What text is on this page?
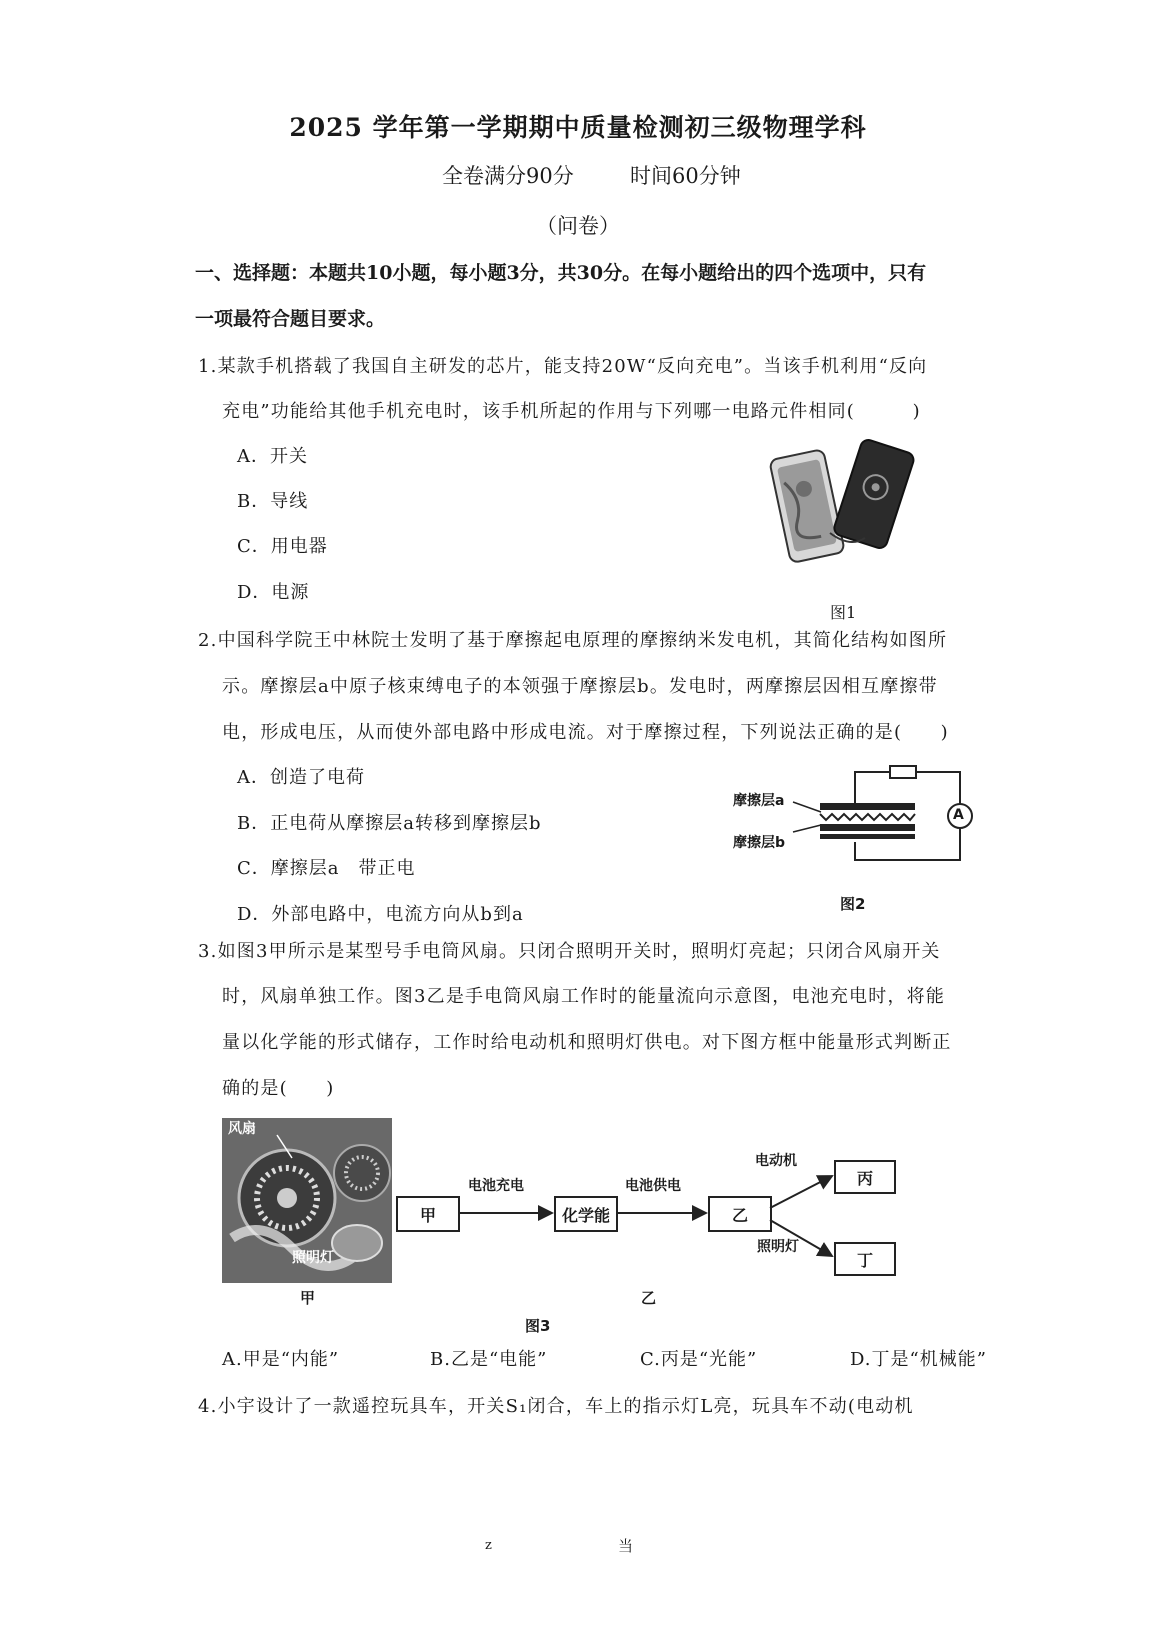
2025 学年第一学期期中质量检测初三级物理学科
全卷满分90分	时间60分钟
（问卷）
一、选择题：本题共10小题，每小题3分，共30分。在每小题给出的四个选项中，只有
一项最符合题目要求。
1.某款手机搭载了我国自主研发的芯片，能支持20W“反向充电”。当该手机利用“反向
充电”功能给其他手机充电时，该手机所起的作用与下列哪一电路元件相同(　　　)
A．开关
B．导线
C．用电器
D．电源
图1
2.中国科学院王中林院士发明了基于摩擦起电原理的摩擦纳米发电机，其简化结构如图所
示。摩擦层a中原子核束缚电子的本领强于摩擦层b。发电时，两摩擦层因相互摩擦带
电，形成电压，从而使外部电路中形成电流。对于摩擦过程，下列说法正确的是(　　)
A．创造了电荷
B．正电荷从摩擦层a转移到摩擦层b
C．摩擦层a　带正电
D．外部电路中，电流方向从b到a
A
摩擦层a
摩擦层b
图2
3.如图3甲所示是某型号手电筒风扇。只闭合照明开关时，照明灯亮起；只闭合风扇开关
时，风扇单独工作。图3乙是手电筒风扇工作时的能量流向示意图，电池充电时，将能
量以化学能的形式储存，工作时给电动机和照明灯供电。对下图方框中能量形式判断正
确的是(　　)
风扇
照明灯
甲
甲
电池充电
化学能
电池供电
乙
电动机
丙
照明灯
丁
乙
图3
A.甲是“内能”	B.乙是“电能”	C.丙是“光能”	D.丁是“机械能”
4.小宇设计了一款遥控玩具车，开关S₁闭合，车上的指示灯L亮，玩具车不动(电动机
z	当
